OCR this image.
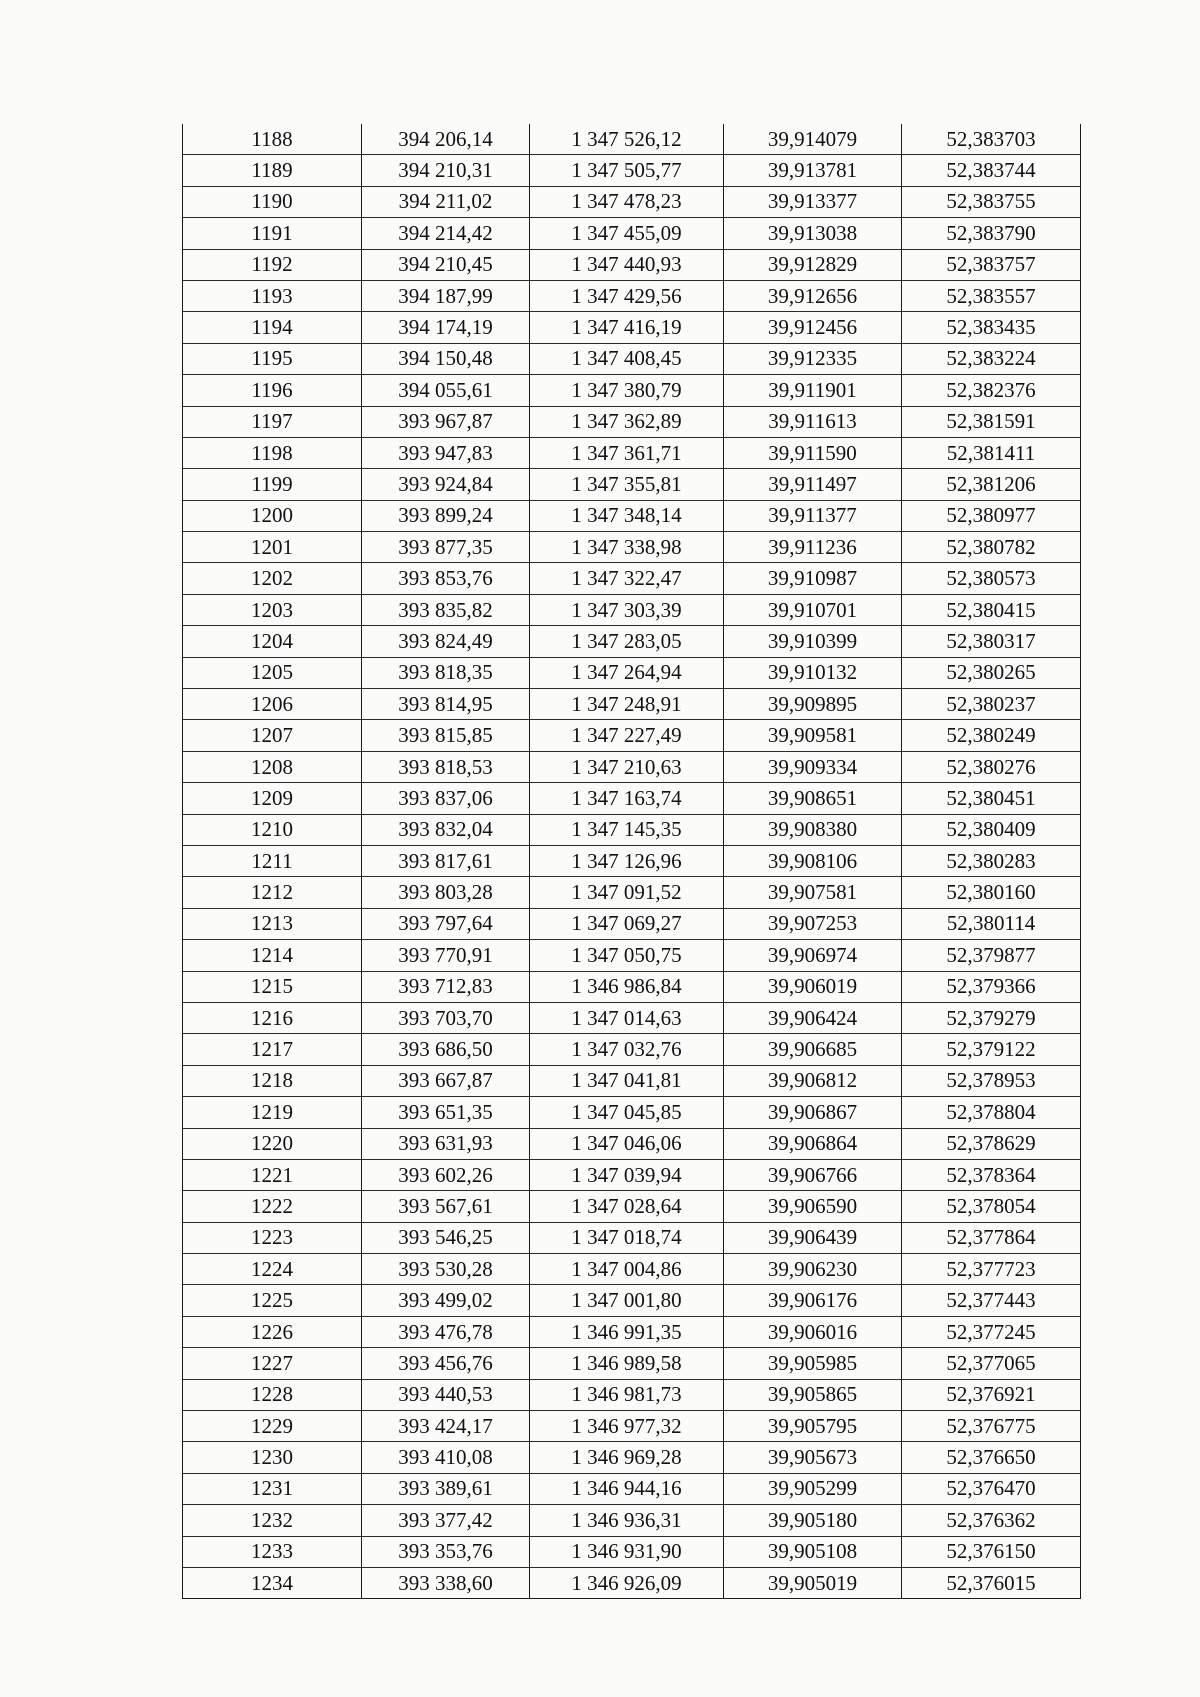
1188	394 206,14	1 347 526,12	39,914079	52,383703
1189	394 210,31	1 347 505,77	39,913781	52,383744
1190	394 211,02	1 347 478,23	39,913377	52,383755
1191	394 214,42	1 347 455,09	39,913038	52,383790
1192	394 210,45	1 347 440,93	39,912829	52,383757
1193	394 187,99	1 347 429,56	39,912656	52,383557
1194	394 174,19	1 347 416,19	39,912456	52,383435
1195	394 150,48	1 347 408,45	39,912335	52,383224
1196	394 055,61	1 347 380,79	39,911901	52,382376
1197	393 967,87	1 347 362,89	39,911613	52,381591
1198	393 947,83	1 347 361,71	39,911590	52,381411
1199	393 924,84	1 347 355,81	39,911497	52,381206
1200	393 899,24	1 347 348,14	39,911377	52,380977
1201	393 877,35	1 347 338,98	39,911236	52,380782
1202	393 853,76	1 347 322,47	39,910987	52,380573
1203	393 835,82	1 347 303,39	39,910701	52,380415
1204	393 824,49	1 347 283,05	39,910399	52,380317
1205	393 818,35	1 347 264,94	39,910132	52,380265
1206	393 814,95	1 347 248,91	39,909895	52,380237
1207	393 815,85	1 347 227,49	39,909581	52,380249
1208	393 818,53	1 347 210,63	39,909334	52,380276
1209	393 837,06	1 347 163,74	39,908651	52,380451
1210	393 832,04	1 347 145,35	39,908380	52,380409
1211	393 817,61	1 347 126,96	39,908106	52,380283
1212	393 803,28	1 347 091,52	39,907581	52,380160
1213	393 797,64	1 347 069,27	39,907253	52,380114
1214	393 770,91	1 347 050,75	39,906974	52,379877
1215	393 712,83	1 346 986,84	39,906019	52,379366
1216	393 703,70	1 347 014,63	39,906424	52,379279
1217	393 686,50	1 347 032,76	39,906685	52,379122
1218	393 667,87	1 347 041,81	39,906812	52,378953
1219	393 651,35	1 347 045,85	39,906867	52,378804
1220	393 631,93	1 347 046,06	39,906864	52,378629
1221	393 602,26	1 347 039,94	39,906766	52,378364
1222	393 567,61	1 347 028,64	39,906590	52,378054
1223	393 546,25	1 347 018,74	39,906439	52,377864
1224	393 530,28	1 347 004,86	39,906230	52,377723
1225	393 499,02	1 347 001,80	39,906176	52,377443
1226	393 476,78	1 346 991,35	39,906016	52,377245
1227	393 456,76	1 346 989,58	39,905985	52,377065
1228	393 440,53	1 346 981,73	39,905865	52,376921
1229	393 424,17	1 346 977,32	39,905795	52,376775
1230	393 410,08	1 346 969,28	39,905673	52,376650
1231	393 389,61	1 346 944,16	39,905299	52,376470
1232	393 377,42	1 346 936,31	39,905180	52,376362
1233	393 353,76	1 346 931,90	39,905108	52,376150
1234	393 338,60	1 346 926,09	39,905019	52,376015
